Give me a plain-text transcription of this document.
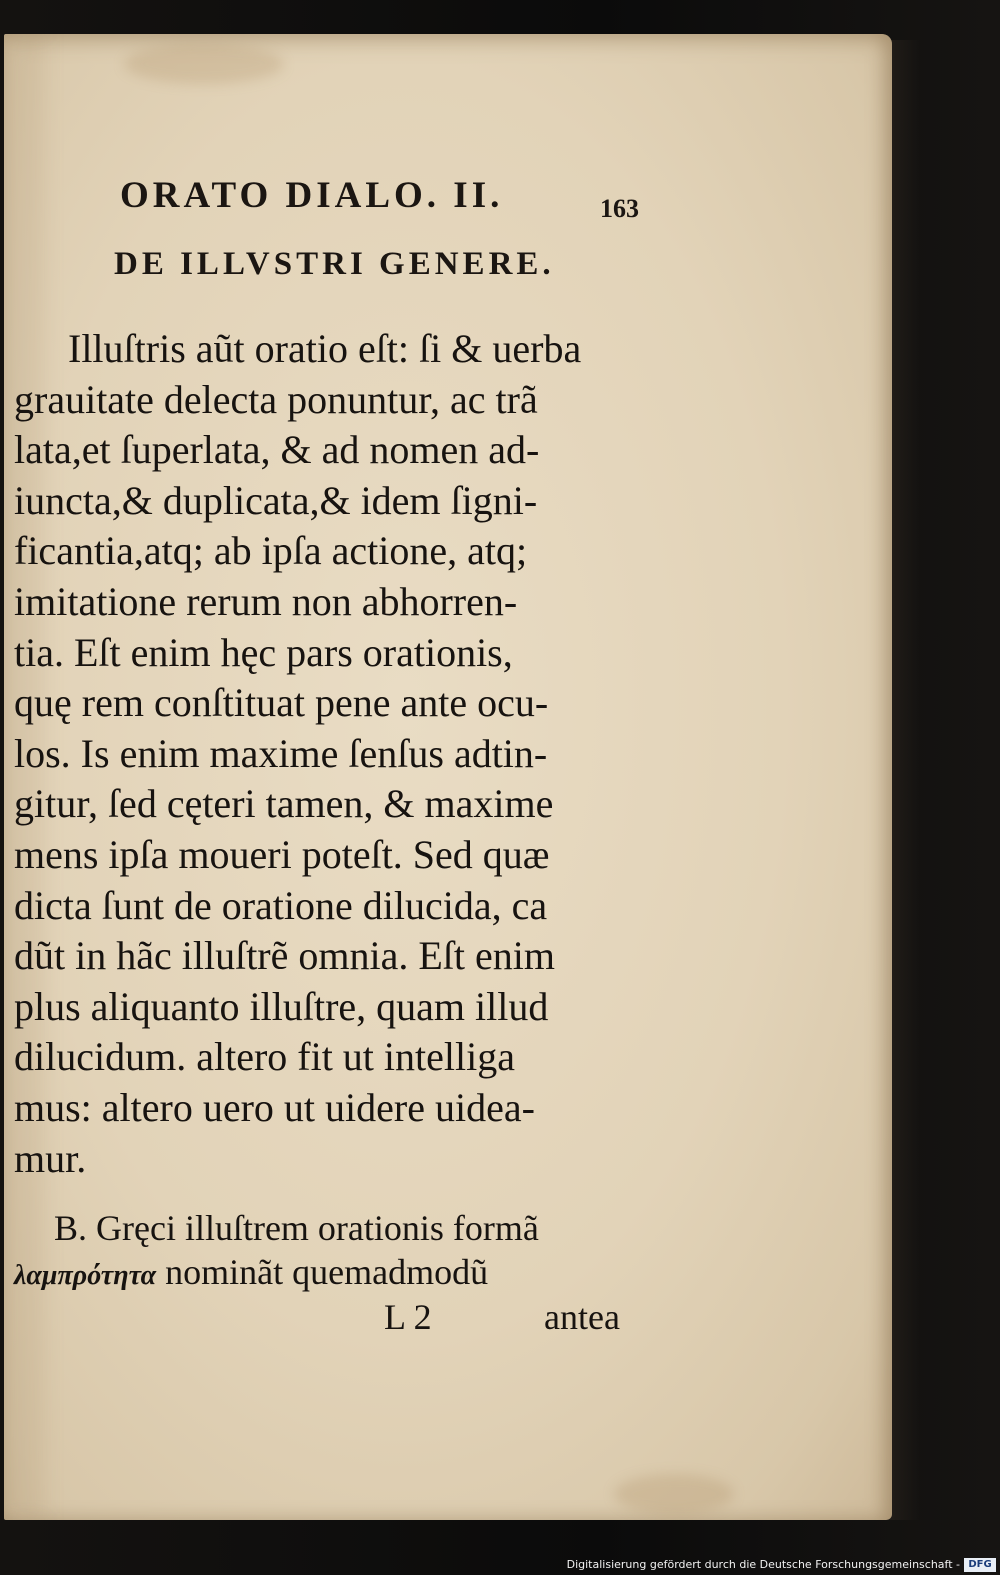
ORATO DIALO. II.	163
DE ILLVSTRI GENERE.
Illuſtris aũt oratio eſt: ſi & uerba
grauitate delecta ponuntur, ac trã
lata,et ſuperlata, & ad nomen ad-
iuncta,& duplicata,& idem ſigni-
ficantia,atq; ab ipſa actione, atq;
imitatione rerum non abhorren-
tia. Eſt enim hęc pars orationis,
quę rem conſtituat pene ante ocu-
los. Is enim maxime ſenſus adtin-
gitur, ſed cęteri tamen, & maxime
mens ipſa moueri poteſt. Sed quæ
dicta ſunt de oratione dilucida, ca
dũt in hãc illuſtrẽ omnia. Eſt enim
plus aliquanto illuſtre, quam illud
dilucidum. altero fit ut intelliga
mus: altero uero ut uidere uidea-
mur.
B. Gręci illuſtrem orationis formã
λαμπρότητα nominãt quemadmodũ
L 2	antea
Digitalisierung gefördert durch die Deutsche Forschungsgemeinschaft - DFG
